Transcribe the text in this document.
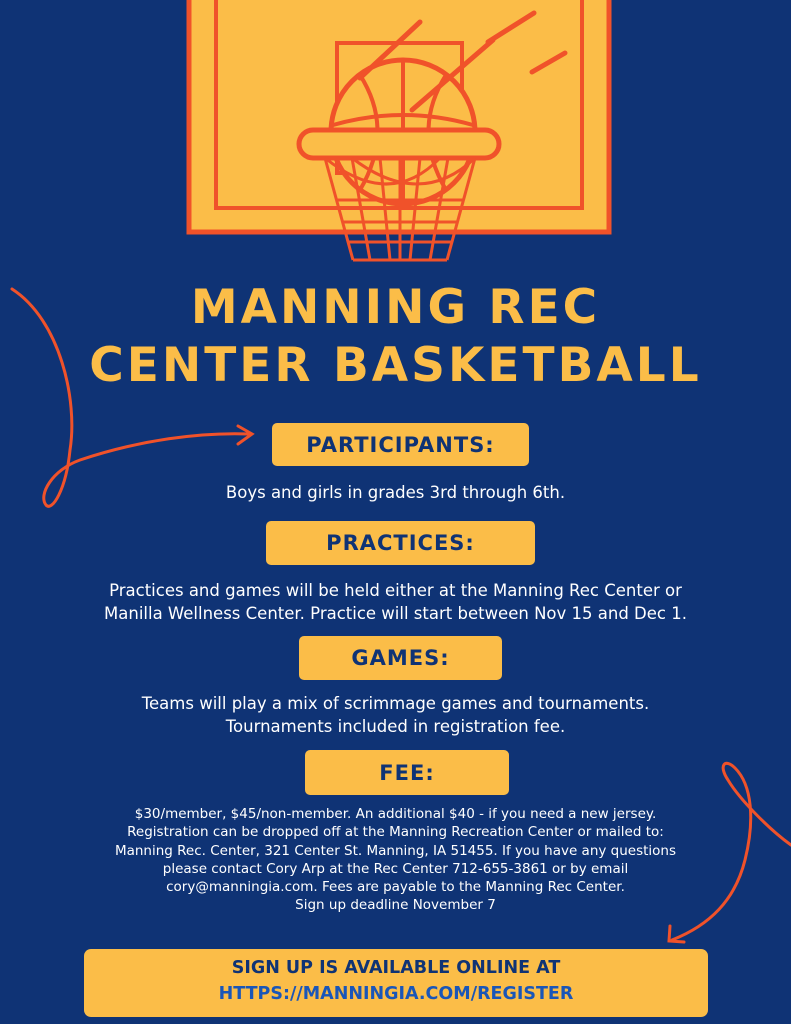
MANNING REC
CENTER BASKETBALL
PARTICIPANTS:
Boys and girls in grades 3rd through 6th.
PRACTICES:
Practices and games will be held either at the Manning Rec Center or
Manilla Wellness Center. Practice will start between Nov 15 and Dec 1.
GAMES:
Teams will play a mix of scrimmage games and tournaments.
Tournaments included in registration fee.
FEE:
$30/member, $45/non-member. An additional $40 - if you need a new jersey.
Registration can be dropped off at the Manning Recreation Center or mailed to:
Manning Rec. Center, 321 Center St. Manning, IA 51455. If you have any questions
please contact Cory Arp at the Rec Center 712-655-3861 or by email
cory@manningia.com. Fees are payable to the Manning Rec Center.
Sign up deadline November 7
SIGN UP IS AVAILABLE ONLINE AT
HTTPS://MANNINGIA.COM/REGISTER
